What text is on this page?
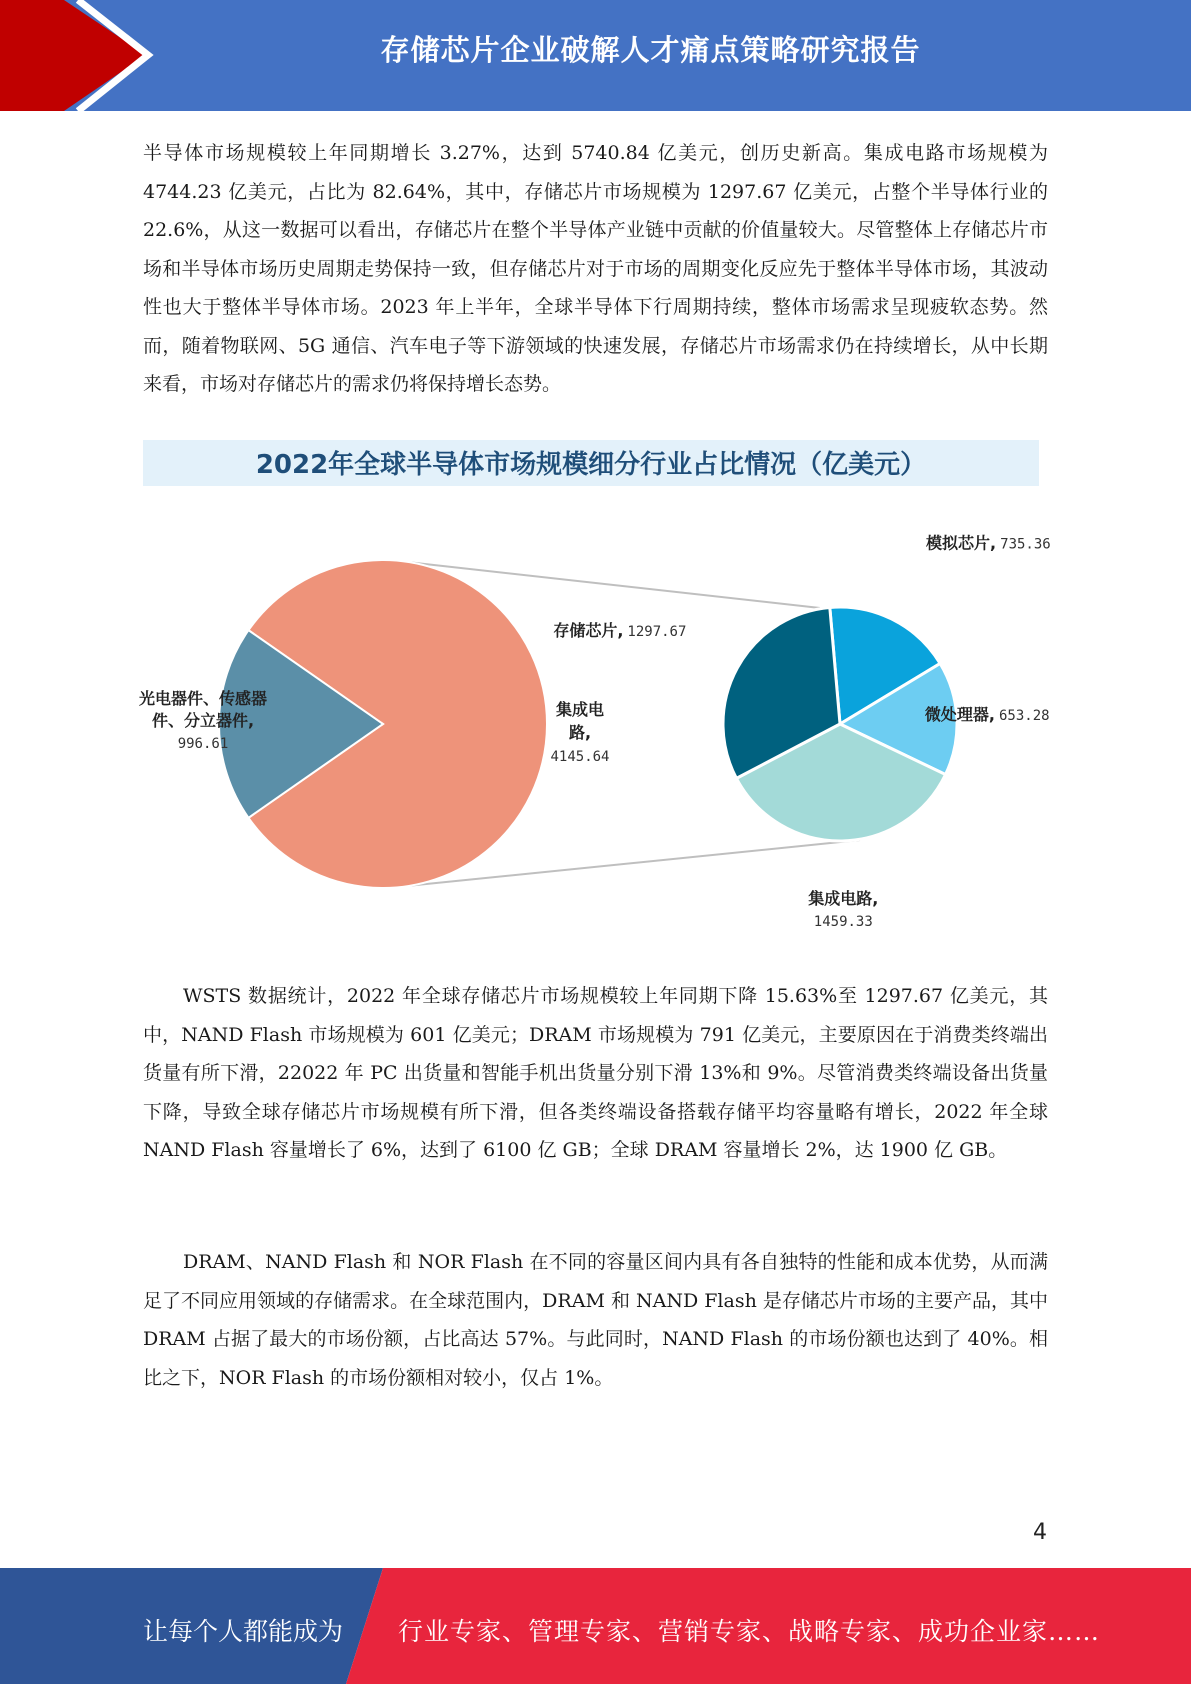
存储芯片企业破解人才痛点策略研究报告

半导体市场规模较上年同期增长 3.27%，达到 5740.84 亿美元，创历史新高。集成电路市场规模为 4744.23 亿美元，占比为 82.64%，其中，存储芯片市场规模为 1297.67 亿美元，占整个半导体行业的 22.6%，从这一数据可以看出，存储芯片在整个半导体产业链中贡献的价值量较大。尽管整体上存储芯片市场和半导体市场历史周期走势保持一致，但存储芯片对于市场的周期变化反应先于整体半导体市场，其波动性也大于整体半导体市场。2023 年上半年，全球半导体下行周期持续，整体市场需求呈现疲软态势。然而，随着物联网、5G 通信、汽车电子等下游领域的快速发展，存储芯片市场需求仍在持续增长，从中长期来看，市场对存储芯片的需求仍将保持增长态势。

2022年全球半导体市场规模细分行业占比情况（亿美元）
集成电
路,
4145.64
光电器件、传感器
件、分立器件,
996.61
模拟芯片, 735.36
微处理器, 653.28
集成电路, 1459.33
存储芯片, 1297.67

WSTS 数据统计，2022 年全球存储芯片市场规模较上年同期下降 15.63%至 1297.67 亿美元，其中，NAND Flash 市场规模为 601 亿美元；DRAM 市场规模为 791 亿美元，主要原因在于消费类终端出货量有所下滑，22022 年 PC 出货量和智能手机出货量分别下滑 13%和 9%。尽管消费类终端设备出货量下降，导致全球存储芯片市场规模有所下滑，但各类终端设备搭载存储平均容量略有增长，2022 年全球 NAND Flash 容量增长了 6%，达到了 6100 亿 GB；全球 DRAM 容量增长 2%，达 1900 亿 GB。

DRAM、NAND Flash 和 NOR Flash 在不同的容量区间内具有各自独特的性能和成本优势，从而满足了不同应用领域的存储需求。在全球范围内，DRAM 和 NAND Flash 是存储芯片市场的主要产品，其中 DRAM 占据了最大的市场份额，占比高达 57%。与此同时，NAND Flash 的市场份额也达到了 40%。相比之下，NOR Flash 的市场份额相对较小，仅占 1%。

4
让每个人都能成为 行业专家、管理专家、营销专家、战略专家、成功企业家……
